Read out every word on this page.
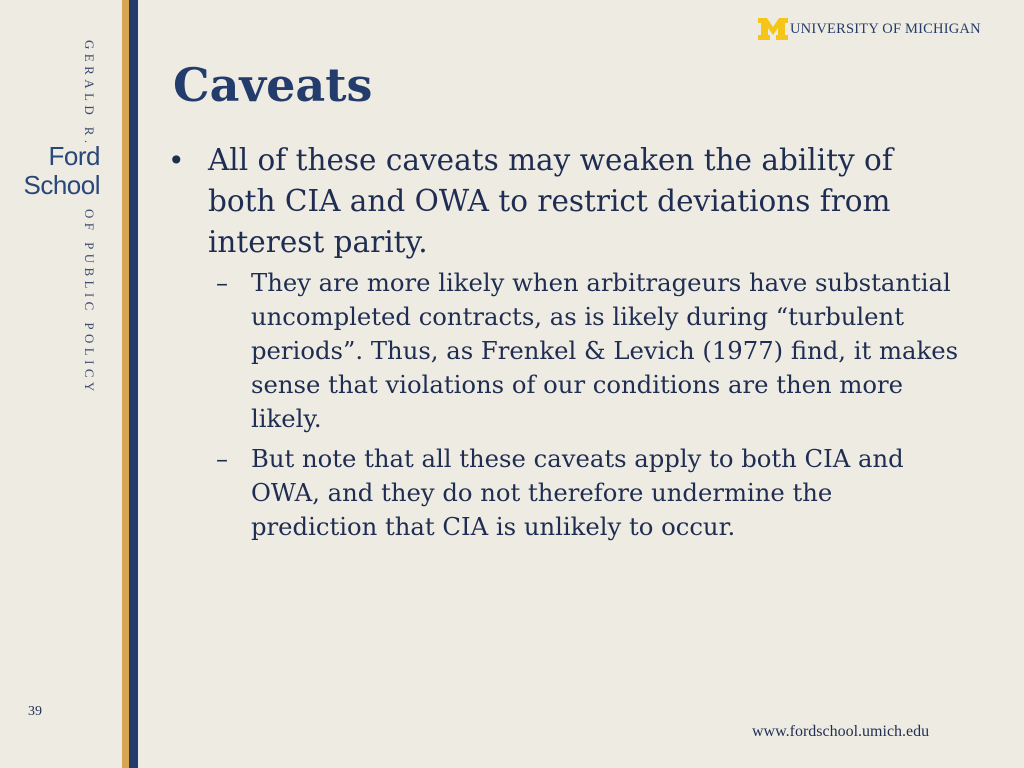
GERALD R.
Ford
School
OF PUBLIC POLICY
39
UNIVERSITY OF MICHIGAN
Caveats
• All of these caveats may weaken the ability of both CIA and OWA to restrict deviations from interest parity.
– They are more likely when arbitrageurs have substantial uncompleted contracts, as is likely during “turbulent periods”. Thus, as Frenkel & Levich (1977) find, it makes sense that violations of our conditions are then more likely.
– But note that all these caveats apply to both CIA and OWA, and they do not therefore undermine the prediction that CIA is unlikely to occur.
www.fordschool.umich.edu
